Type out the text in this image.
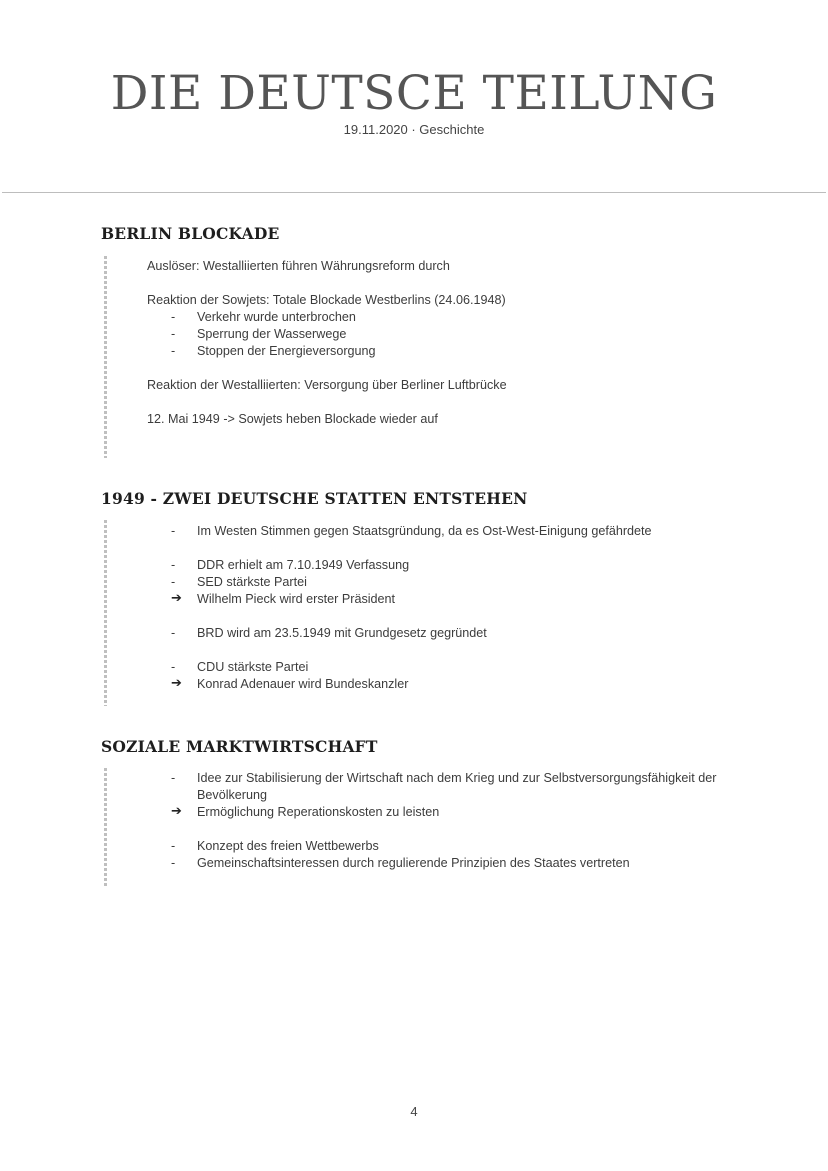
DIE DEUTSCE TEILUNG
19.11.2020 · Geschichte
BERLIN BLOCKADE
Auslöser: Westalliierten führen Währungsreform durch
Reaktion der Sowjets: Totale Blockade Westberlins (24.06.1948)
-	Verkehr wurde unterbrochen
-	Sperrung der Wasserwege
-	Stoppen der Energieversorgung
Reaktion der Westalliierten: Versorgung über Berliner Luftbrücke
12. Mai 1949 -> Sowjets heben Blockade wieder auf
1949 - ZWEI DEUTSCHE STATTEN ENTSTEHEN
-	Im Westen Stimmen gegen Staatsgründung, da es Ost-West-Einigung gefährdete
-	DDR erhielt am 7.10.1949 Verfassung
-	SED stärkste Partei
➔ Wilhelm Pieck wird erster Präsident
-	BRD wird am 23.5.1949 mit Grundgesetz gegründet
-	CDU stärkste Partei
➔ Konrad Adenauer wird Bundeskanzler
SOZIALE MARKTWIRTSCHAFT
-	Idee zur Stabilisierung der Wirtschaft nach dem Krieg und zur Selbstversorgungsfähigkeit der
Bevölkerung
➔ Ermöglichung Reperationskosten zu leisten
-	Konzept des freien Wettbewerbs
-	Gemeinschaftsinteressen durch regulierende Prinzipien des Staates vertreten
4
